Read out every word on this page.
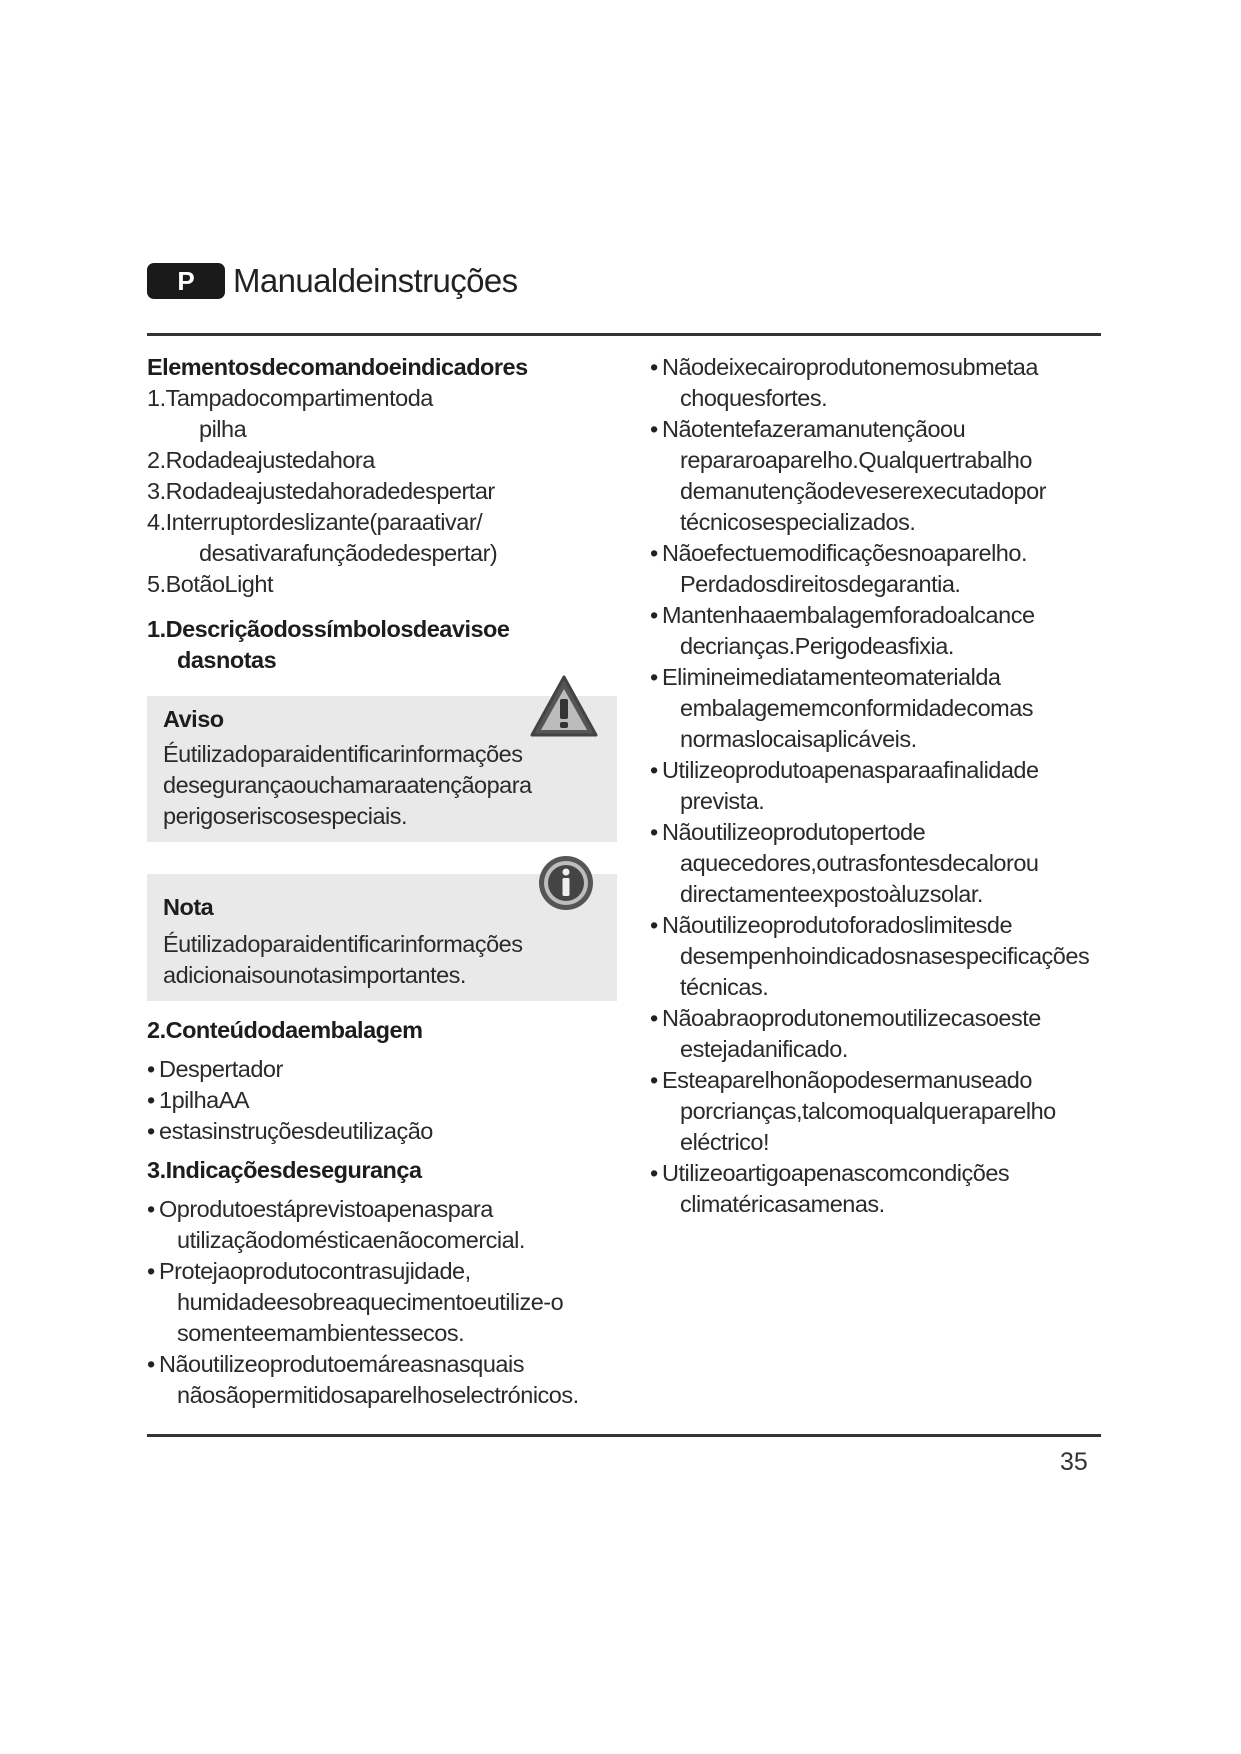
P	Manualdeinstruções
Elementosdecomandoeindicadores
1.Tampadocompartimentoda
pilha
2.Rodadeajustedahora
3.Rodadeajustedahoradedespertar
4.Interruptordeslizante(paraativar/
desativarafunçãodedespertar)
5.BotãoLight
1.Descriçãodossímbolosdeavisoe
dasnotas
Aviso
Éutilizadoparaidentificarinformações
desegurançaouchamaraatençãopara
perigoseriscosespeciais.
Nota
Éutilizadoparaidentificarinformações
adicionaisounotasimportantes.
2.Conteúdodaembalagem
• Despertador
• 1pilhaAA
• estasinstruçõesdeutilização
3.Indicaçõesdesegurança
• Oprodutoestáprevistoapenaspara
utilizaçãodomésticaenãocomercial.
• Protejaoprodutocontrasujidade,
humidadeesobreaquecimentoeutilize-o
somenteemambientessecos.
• Nãoutilizeoprodutoemáreasnasquais
nãosãopermitidosaparelhoselectrónicos.
• Nãodeixecairoprodutonemosubmetaa
choquesfortes.
• Nãotentefazeramanutençãoou
repararoaparelho.Qualquertrabalho
demanutençãodeveserexecutadopor
técnicosespecializados.
• Nãoefectuemodificaçõesnoaparelho.
Perdadosdireitosdegarantia.
• Mantenhaaembalagemforadoalcance
decrianças.Perigodeasfixia.
• Elimineimediatamenteomaterialda
embalagememconformidadecomas
normaslocaisaplicáveis.
• Utilizeoprodutoapenasparaafinalidade
prevista.
• Nãoutilizeoprodutopertode
aquecedores,outrasfontesdecalorou
directamenteexpostoàluzsolar.
• Nãoutilizeoprodutoforadoslimitesde
desempenhoindicadosnasespecificações
técnicas.
• Nãoabraoprodutonemoutilizecasoeste
estejadanificado.
• Esteaparelhonãopodesermanuseado
porcrianças,talcomoqualqueraparelho
eléctrico!
• Utilizeoartigoapenascomcondições
climatéricasamenas.
35
